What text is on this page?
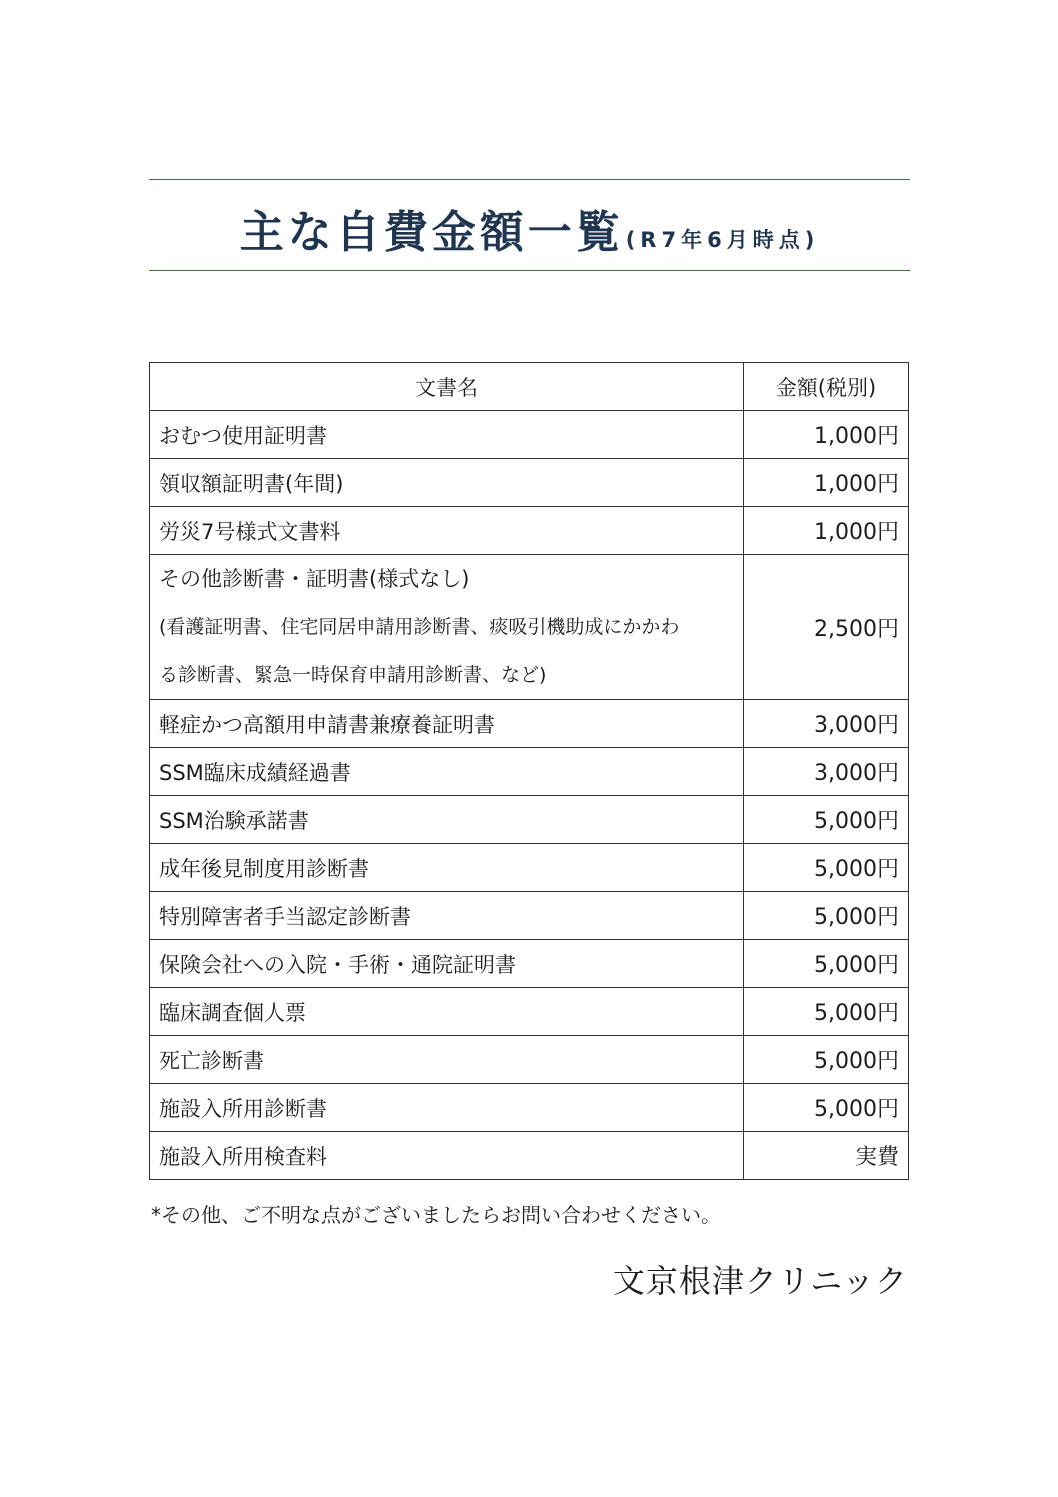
主な自費金額一覧(R7年6月時点)
文書名	金額(税別)
おむつ使用証明書	1,000円
領収額証明書(年間)	1,000円
労災7号様式文書料	1,000円

その他診断書・証明書(様式なし)
(看護証明書、住宅同居申請用診断書、痰吸引機助成にかかわ
る診断書、緊急一時保育申請用診断書、など)	2,500円
軽症かつ高額用申請書兼療養証明書	3,000円
SSM臨床成績経過書	3,000円
SSM治験承諾書	5,000円
成年後見制度用診断書	5,000円
特別障害者手当認定診断書	5,000円
保険会社への入院・手術・通院証明書	5,000円
臨床調査個人票	5,000円
死亡診断書	5,000円
施設入所用診断書	5,000円
施設入所用検査料	実費
*その他、ご不明な点がございましたらお問い合わせください。
文京根津クリニック
